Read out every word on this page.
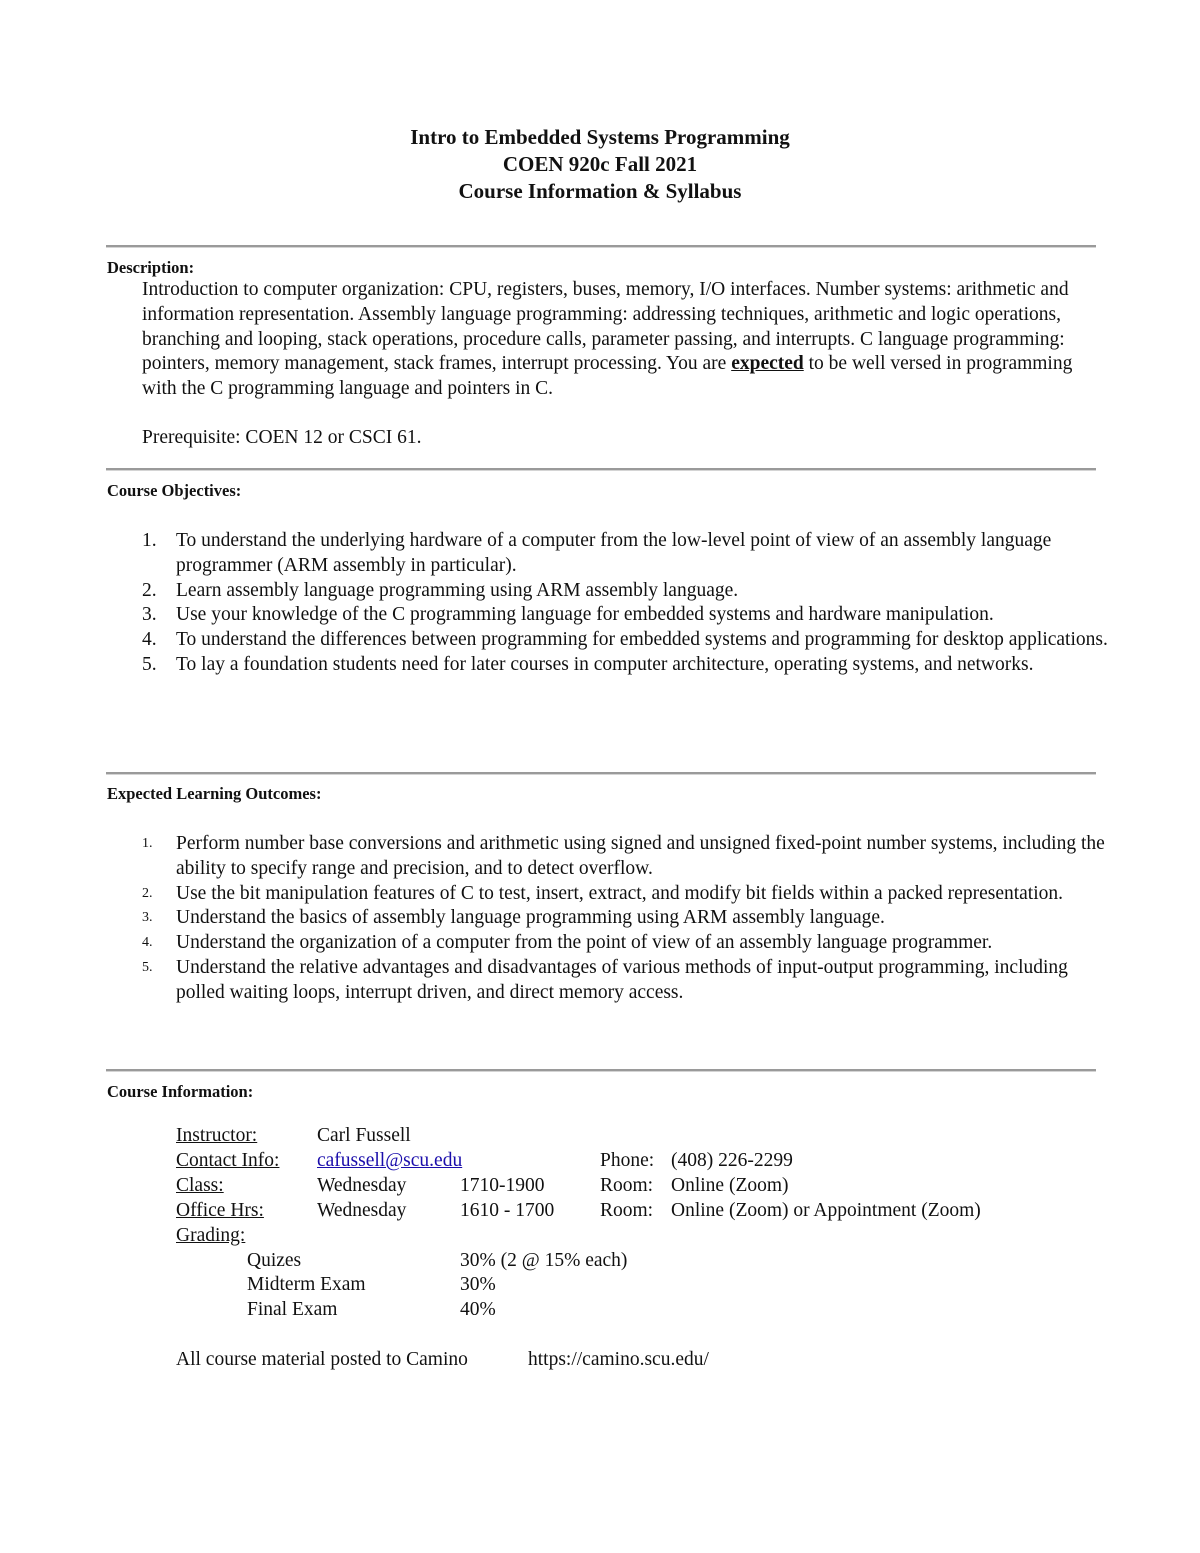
Intro to Embedded Systems Programming
COEN 920c Fall 2021
Course Information & Syllabus
Description:
Introduction to computer organization: CPU, registers, buses, memory, I/O interfaces. Number systems: arithmetic and information representation. Assembly language programming: addressing techniques, arithmetic and logic operations, branching and looping, stack operations, procedure calls, parameter passing, and interrupts. C language programming: pointers, memory management, stack frames, interrupt processing. You are expected to be well versed in programming with the C programming language and pointers in C.
Prerequisite: COEN 12 or CSCI 61.
Course Objectives:
1. To understand the underlying hardware of a computer from the low-level point of view of an assembly language programmer (ARM assembly in particular).
2. Learn assembly language programming using ARM assembly language.
3. Use your knowledge of the C programming language for embedded systems and hardware manipulation.
4. To understand the differences between programming for embedded systems and programming for desktop applications.
5. To lay a foundation students need for later courses in computer architecture, operating systems, and networks.
Expected Learning Outcomes:
1. Perform number base conversions and arithmetic using signed and unsigned fixed-point number systems, including the ability to specify range and precision, and to detect overflow.
2. Use the bit manipulation features of C to test, insert, extract, and modify bit fields within a packed representation.
3. Understand the basics of assembly language programming using ARM assembly language.
4. Understand the organization of a computer from the point of view of an assembly language programmer.
5. Understand the relative advantages and disadvantages of various methods of input-output programming, including polled waiting loops, interrupt driven, and direct memory access.
Course Information:
Instructor:	Carl Fussell
Contact Info: cafussell@scu.edu	Phone: (408) 226-2299
Class:	Wednesday	1710-1900	Room: Online (Zoom)
Office Hrs:	Wednesday	1610 - 1700 Room: Online (Zoom) or Appointment (Zoom)
Grading:
Quizes	30% (2 @ 15% each)
Midterm Exam	30%
Final Exam	40%
All course material posted to Camino	https://camino.scu.edu/
